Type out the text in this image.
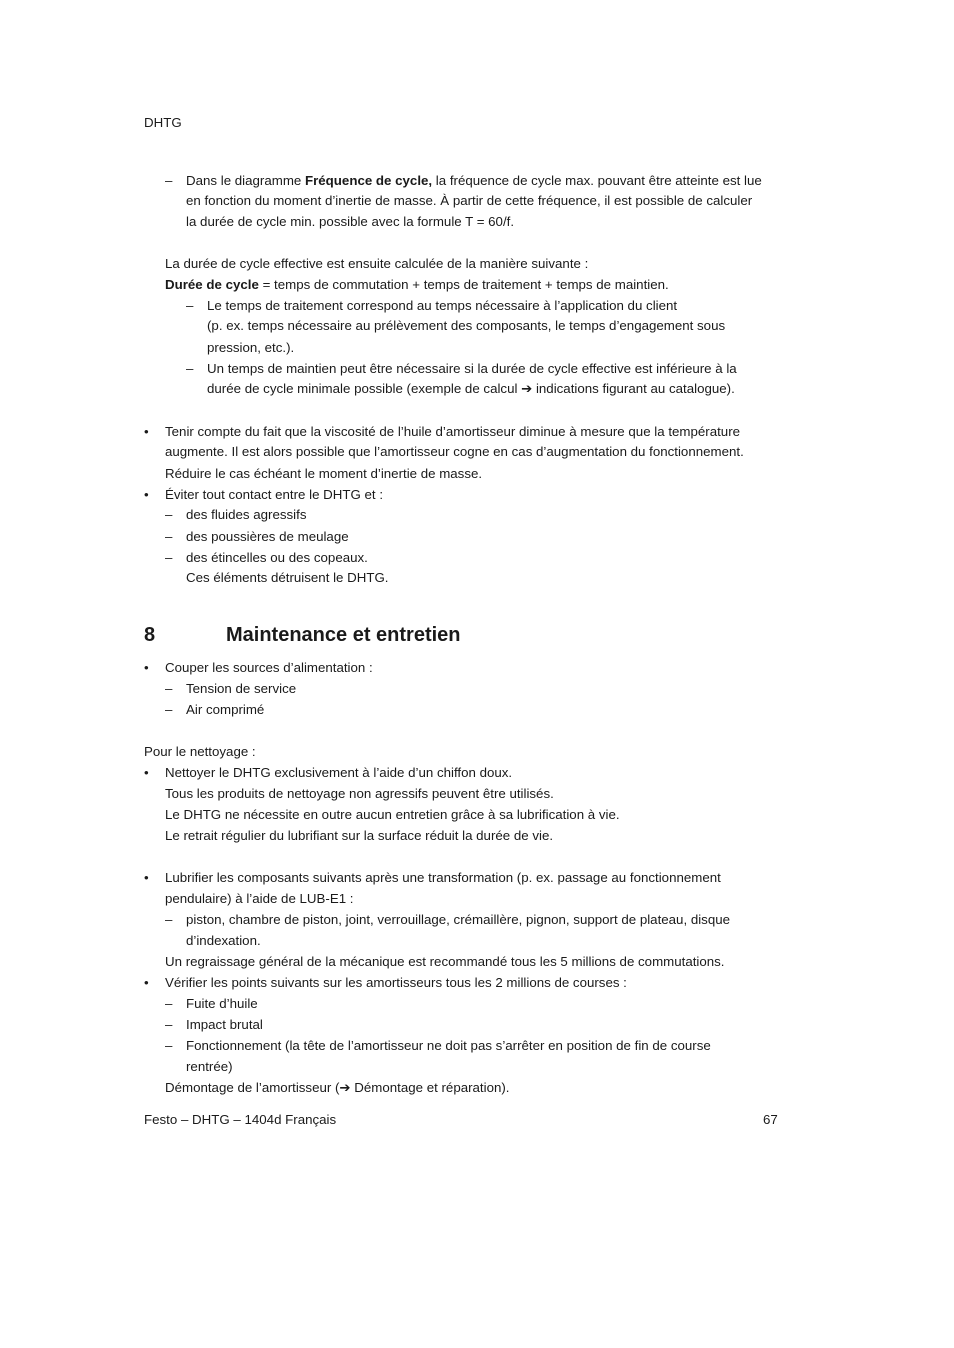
DHTG
– Dans le diagramme Fréquence de cycle, la fréquence de cycle max. pouvant être atteinte est lue
en fonction du moment d’inertie de masse. À partir de cette fréquence, il est possible de calculer
la durée de cycle min. possible avec la formule T = 60/f.
La durée de cycle effective est ensuite calculée de la manière suivante :
Durée de cycle = temps de commutation + temps de traitement + temps de maintien.
– Le temps de traitement correspond au temps nécessaire à l’application du client
(p. ex. temps nécessaire au prélèvement des composants, le temps d’engagement sous
pression, etc.).
– Un temps de maintien peut être nécessaire si la durée de cycle effective est inférieure à la
durée de cycle minimale possible (exemple de calcul ➔ indications figurant au catalogue).
• Tenir compte du fait que la viscosité de l’huile d’amortisseur diminue à mesure que la température
augmente. Il est alors possible que l’amortisseur cogne en cas d’augmentation du fonctionnement.
Réduire le cas échéant le moment d’inertie de masse.
• Éviter tout contact entre le DHTG et :
– des fluides agressifs
– des poussières de meulage
– des étincelles ou des copeaux.
Ces éléments détruisent le DHTG.
8	Maintenance et entretien
• Couper les sources d’alimentation :
– Tension de service
– Air comprimé
Pour le nettoyage :
• Nettoyer le DHTG exclusivement à l’aide d’un chiffon doux.
Tous les produits de nettoyage non agressifs peuvent être utilisés.
Le DHTG ne nécessite en outre aucun entretien grâce à sa lubrification à vie.
Le retrait régulier du lubrifiant sur la surface réduit la durée de vie.
• Lubrifier les composants suivants après une transformation (p. ex. passage au fonctionnement
pendulaire) à l’aide de LUB-E1 :
– piston, chambre de piston, joint, verrouillage, crémaillère, pignon, support de plateau, disque
d’indexation.
Un regraissage général de la mécanique est recommandé tous les 5 millions de commutations.
• Vérifier les points suivants sur les amortisseurs tous les 2 millions de courses :
– Fuite d’huile
– Impact brutal
– Fonctionnement (la tête de l’amortisseur ne doit pas s’arrêter en position de fin de course
rentrée)
Démontage de l’amortisseur (➔ Démontage et réparation).
Festo – DHTG – 1404d Français	67
